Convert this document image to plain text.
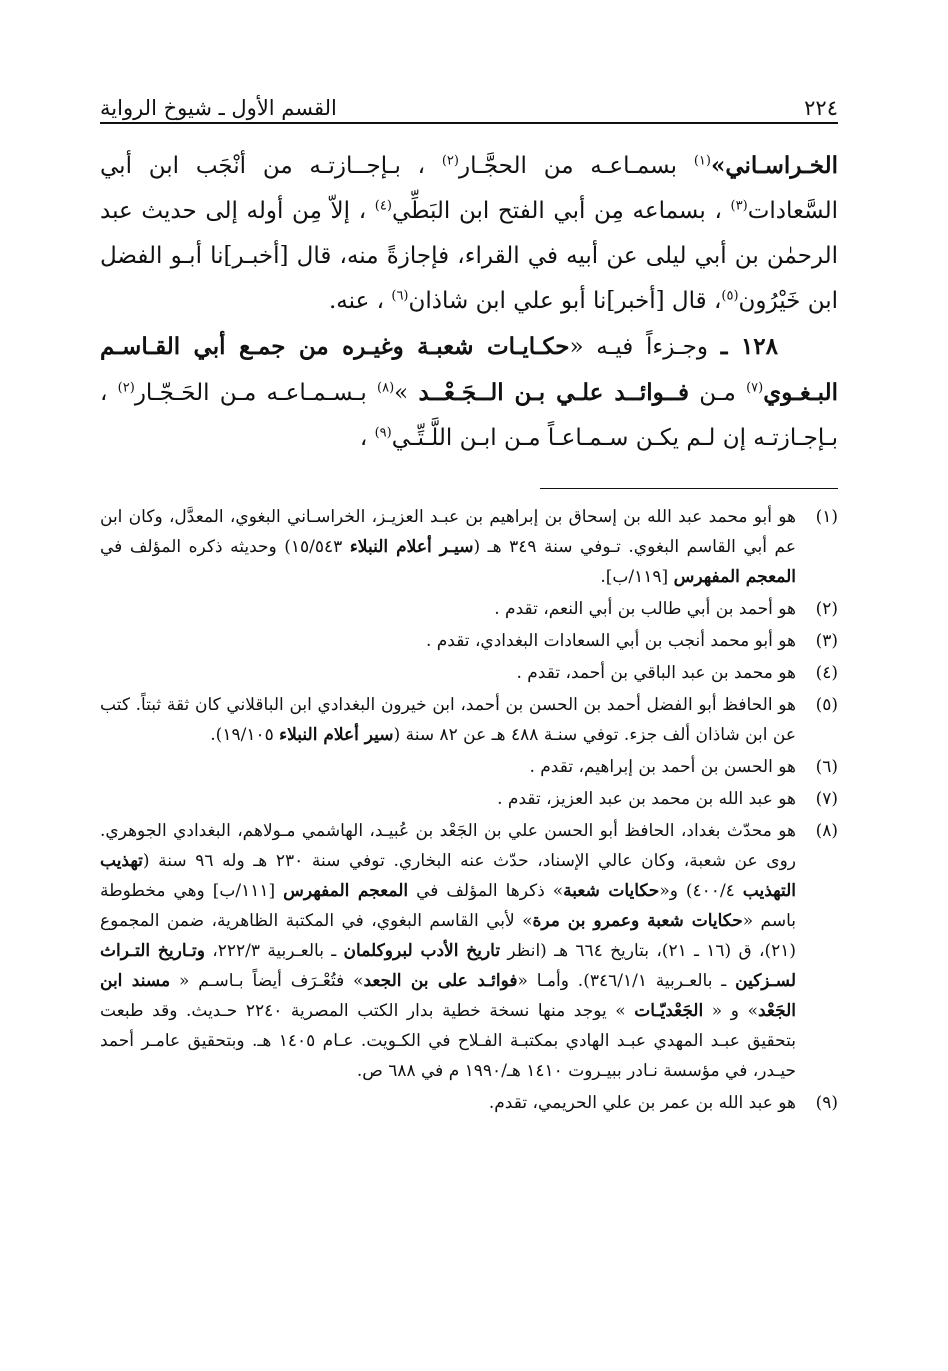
٢٢٤
القسم الأول ـ شيوخ الرواية

الخـراسـاني»$^{(١)}$ بسمـاعـه من الحجَّـار$^{(٢)}$ ، بـإجــازتـه من أنْجَب ابن أبي السَّعادات$^{(٣)}$ ، بسماعه مِن أبي الفتح ابن البَطِّي$^{(٤)}$ ، إلاّ مِن أوله إلى حديث عبد الرحمٰن بن أبي ليلى عن أبيه في القراء، فإجازةً منه، قال [أخبـر]نا أبـو الفضل ابن خَيْرُون$^{(٥)}$، قال [أخبر]نا أبو علي ابن شاذان$^{(٦)}$ ، عنه.

١٢٨ ـ وجـزءاً فيـه «حكـايـات شعبـة وغيـره من جمـع أبي القـاسـم البـغـوي$^{(٧)}$ مـن فــوائــد علـي بـن الــجَـعْــد »$^{(٨)}$ بـسـمـاعـه مـن الحَـجّـار$^{(٢)}$ ، بـإجـازتـه إن لـم يكـن سـمـاعـاً مـن ابـن اللَّـتِّـي$^{(٩)}$ ،

(١)
هو أبو محمد عبد الله بن إسحاق بن إبراهيم بن عبـد العزيـز، الخراسـاني البغوي، المعدَّل، وكان ابن عم أبي القاسم البغوي. تـوفي سنة ٣٤٩ هـ (سيـر أعلام النبلاء ١٥/٥٤٣) وحديثه ذكره المؤلف في المعجم المفهرس [١١٩/ب].
(٢)
هو أحمد بن أبي طالب بن أبي النعم، تقدم .
(٣)
هو أبو محمد أنجب بن أبي السعادات البغدادي، تقدم .
(٤)
هو محمد بن عبد الباقي بن أحمد، تقدم .
(٥)
هو الحافظ أبو الفضل أحمد بن الحسن بن أحمد، ابن خيرون البغدادي ابن الباقلاني كان ثقة ثبتاً. كتب عن ابن شاذان ألف جزء. توفي سنـة ٤٨٨ هـ عن ٨٢ سنة (سير أعلام النبلاء ١٩/١٠٥).
(٦)
هو الحسن بن أحمد بن إبراهيم، تقدم .
(٧)
هو عبد الله بن محمد بن عبد العزيز، تقدم .
(٨)
هو محدّث بغداد، الحافظ أبو الحسن علي بن الجَعْد بن عُبيـد، الهاشمي مـولاهم، البغدادي الجوهري. روى عن شعبة، وكان عالي الإسناد، حدّث عنه البخاري. توفي سنة ٢٣٠ هـ وله ٩٦ سنة (تهذيب التهذيب ٤٠٠/٤) و«حكايات شعبة» ذكرها المؤلف في المعجم المفهرس [١١١/ب] وهي مخطوطة باسم «حكايات شعبة وعمرو بن مرة» لأبي القاسم البغوي، في المكتبة الظاهرية، ضمن المجموع (٢١)، ق (١٦ ـ ٢١)، بتاريخ ٦٦٤ هـ (انظر تاريخ الأدب لبروكلمان ـ بالعـربية ٢٢٢/٣، وتـاريخ التـراث لسـزكين ـ بالعـربية ٣٤٦/١/١). وأمـا «فوائـد على بن الجعد» فتُعْـرَف أيضاً بـاسـم « مسند ابن الجَعْد» و « الجَعْديّـات » يوجد منها نسخة خطية بدار الكتب المصرية ٢٢٤٠ حـديث. وقد طبعت بتحقيق عبـد المهدي عبـد الهادي بمكتبـة الفـلاح في الكـويت. عـام ١٤٠٥ هـ. وبتحقيق عامـر أحمد حيـدر، في مؤسسة نـادر ببيـروت ١٤١٠ هـ/١٩٩٠ م في ٦٨٨ ص.
(٩)
هو عبد الله بن عمر بن علي الحريمي، تقدم.
